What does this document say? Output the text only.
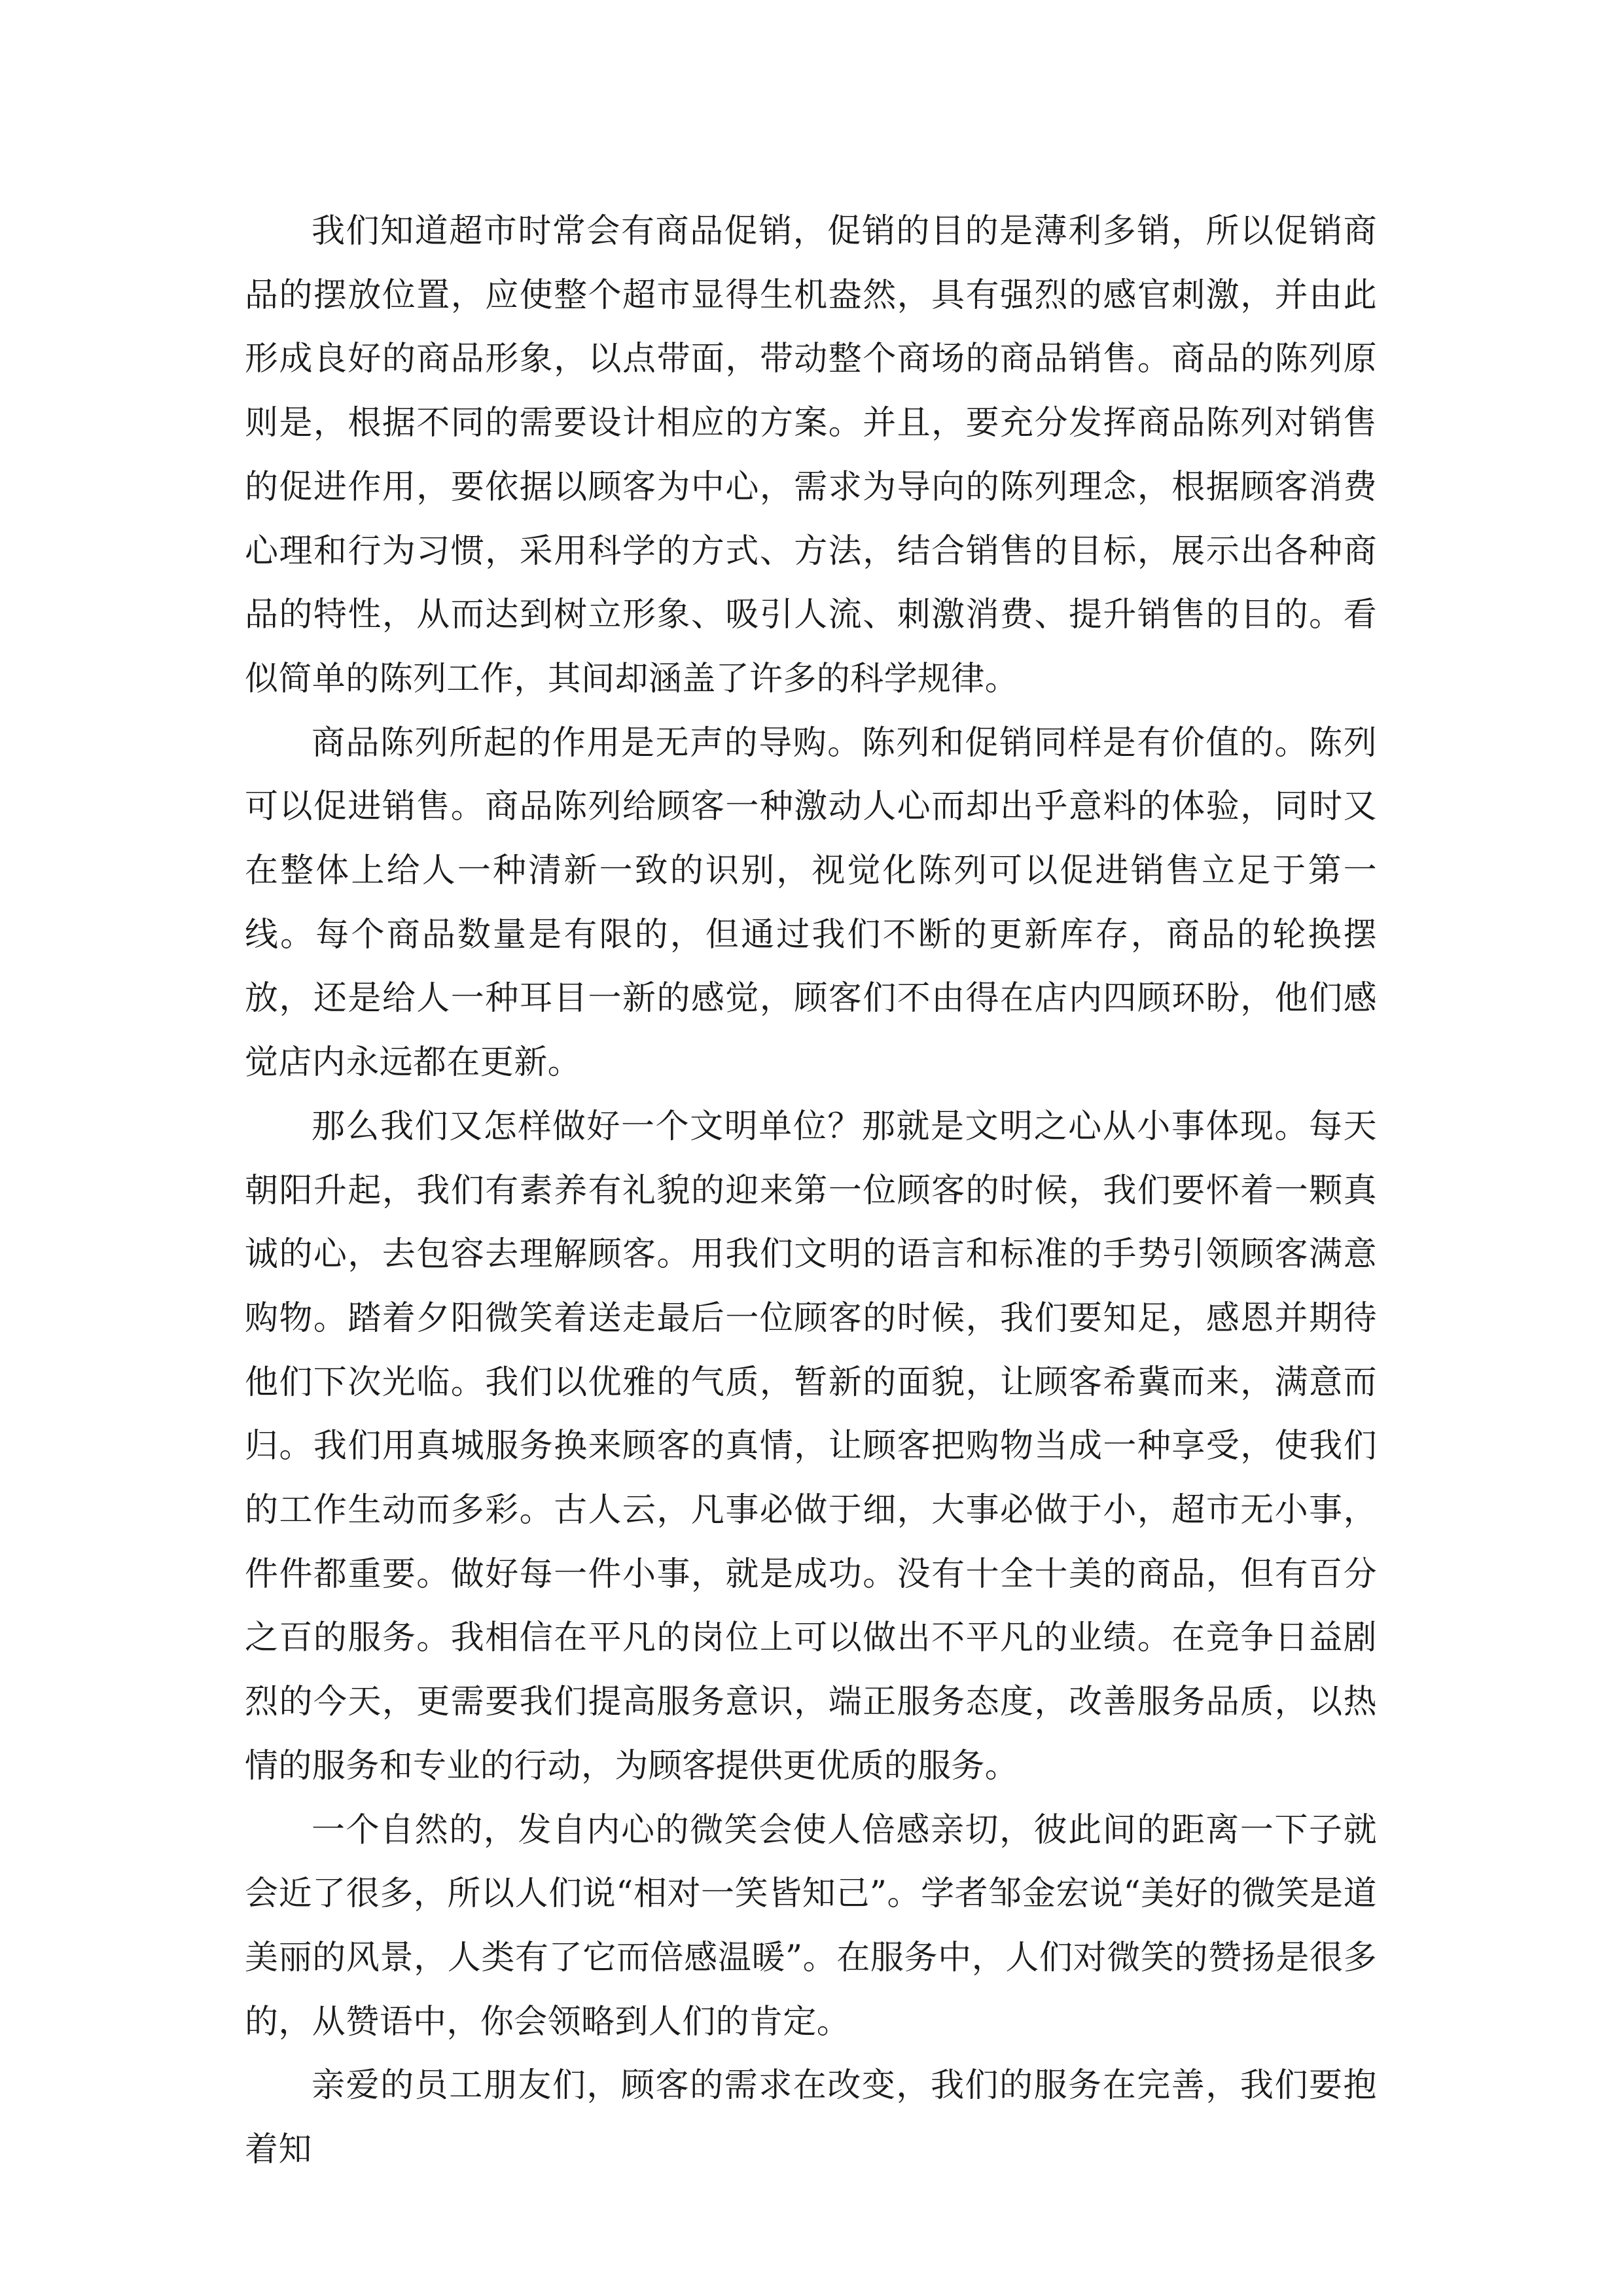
我们知道超市时常会有商品促销，促销的目的是薄利多销，所以促销商品的摆放位置，应使整个超市显得生机盎然，具有强烈的感官刺激，并由此形成良好的商品形象，以点带面，带动整个商场的商品销售。商品的陈列原则是，根据不同的需要设计相应的方案。并且，要充分发挥商品陈列对销售的促进作用，要依据以顾客为中心，需求为导向的陈列理念，根据顾客消费心理和行为习惯，采用科学的方式、方法，结合销售的目标，展示出各种商品的特性，从而达到树立形象、吸引人流、刺激消费、提升销售的目的。看似简单的陈列工作，其间却涵盖了许多的科学规律。

商品陈列所起的作用是无声的导购。陈列和促销同样是有价值的。陈列可以促进销售。商品陈列给顾客一种激动人心而却出乎意料的体验，同时又在整体上给人一种清新一致的识别，视觉化陈列可以促进销售立足于第一线。每个商品数量是有限的，但通过我们不断的更新库存，商品的轮换摆放，还是给人一种耳目一新的感觉，顾客们不由得在店内四顾环盼，他们感觉店内永远都在更新。

那么我们又怎样做好一个文明单位？那就是文明之心从小事体现。每天朝阳升起，我们有素养有礼貌的迎来第一位顾客的时候，我们要怀着一颗真诚的心，去包容去理解顾客。用我们文明的语言和标准的手势引领顾客满意购物。踏着夕阳微笑着送走最后一位顾客的时候，我们要知足，感恩并期待他们下次光临。我们以优雅的气质，暂新的面貌，让顾客希冀而来，满意而归。我们用真城服务换来顾客的真情，让顾客把购物当成一种享受，使我们的工作生动而多彩。古人云，凡事必做于细，大事必做于小，超市无小事，件件都重要。做好每一件小事，就是成功。没有十全十美的商品，但有百分之百的服务。我相信在平凡的岗位上可以做出不平凡的业绩。在竞争日益剧烈的今天，更需要我们提高服务意识，端正服务态度，改善服务品质，以热情的服务和专业的行动，为顾客提供更优质的服务。

一个自然的，发自内心的微笑会使人倍感亲切，彼此间的距离一下子就会近了很多，所以人们说“相对一笑皆知己”。学者邹金宏说“美好的微笑是道美丽的风景，人类有了它而倍感温暖”。在服务中，人们对微笑的赞扬是很多的，从赞语中，你会领略到人们的肯定。

亲爱的员工朋友们，顾客的需求在改变，我们的服务在完善，我们要抱着知
